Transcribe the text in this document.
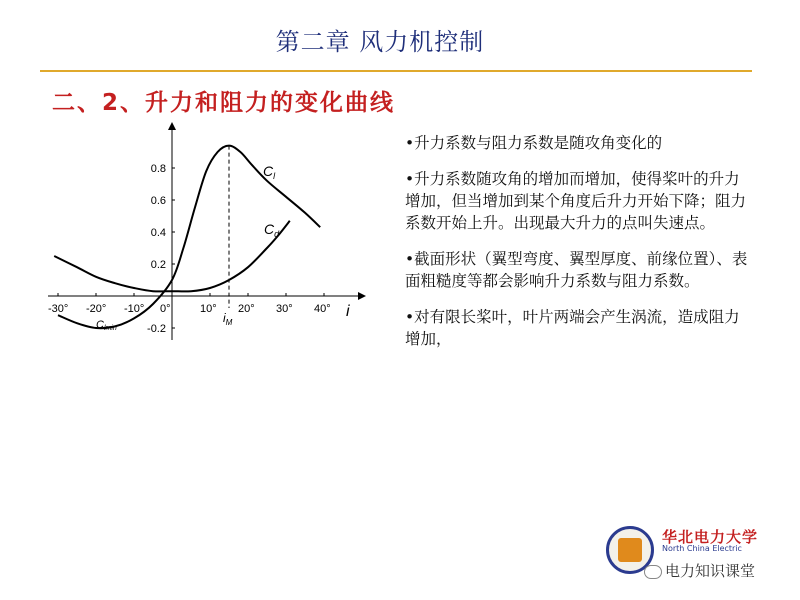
第二章 风力机控制
二、2、升力和阻力的变化曲线
-30° -20° -10° 0°	10° 20° 30° 40°
0.8
0.6
0.4
0.2
-0.2
i
$C_l$
$C_d$
Clmin
$i_M$
•升力系数与阻力系数是随攻角变化的
•升力系数随攻角的增加而增加，使得桨叶的升力增加，但当增加到某个角度后升力开始下降；阻力系数开始上升。出现最大升力的点叫失速点。
•截面形状（翼型弯度、翼型厚度、前缘位置）、表面粗糙度等都会影响升力系数与阻力系数。
•对有限长桨叶，叶片两端会产生涡流，造成阻力增加，
华北电力大学
North China Electric
电力知识课堂
